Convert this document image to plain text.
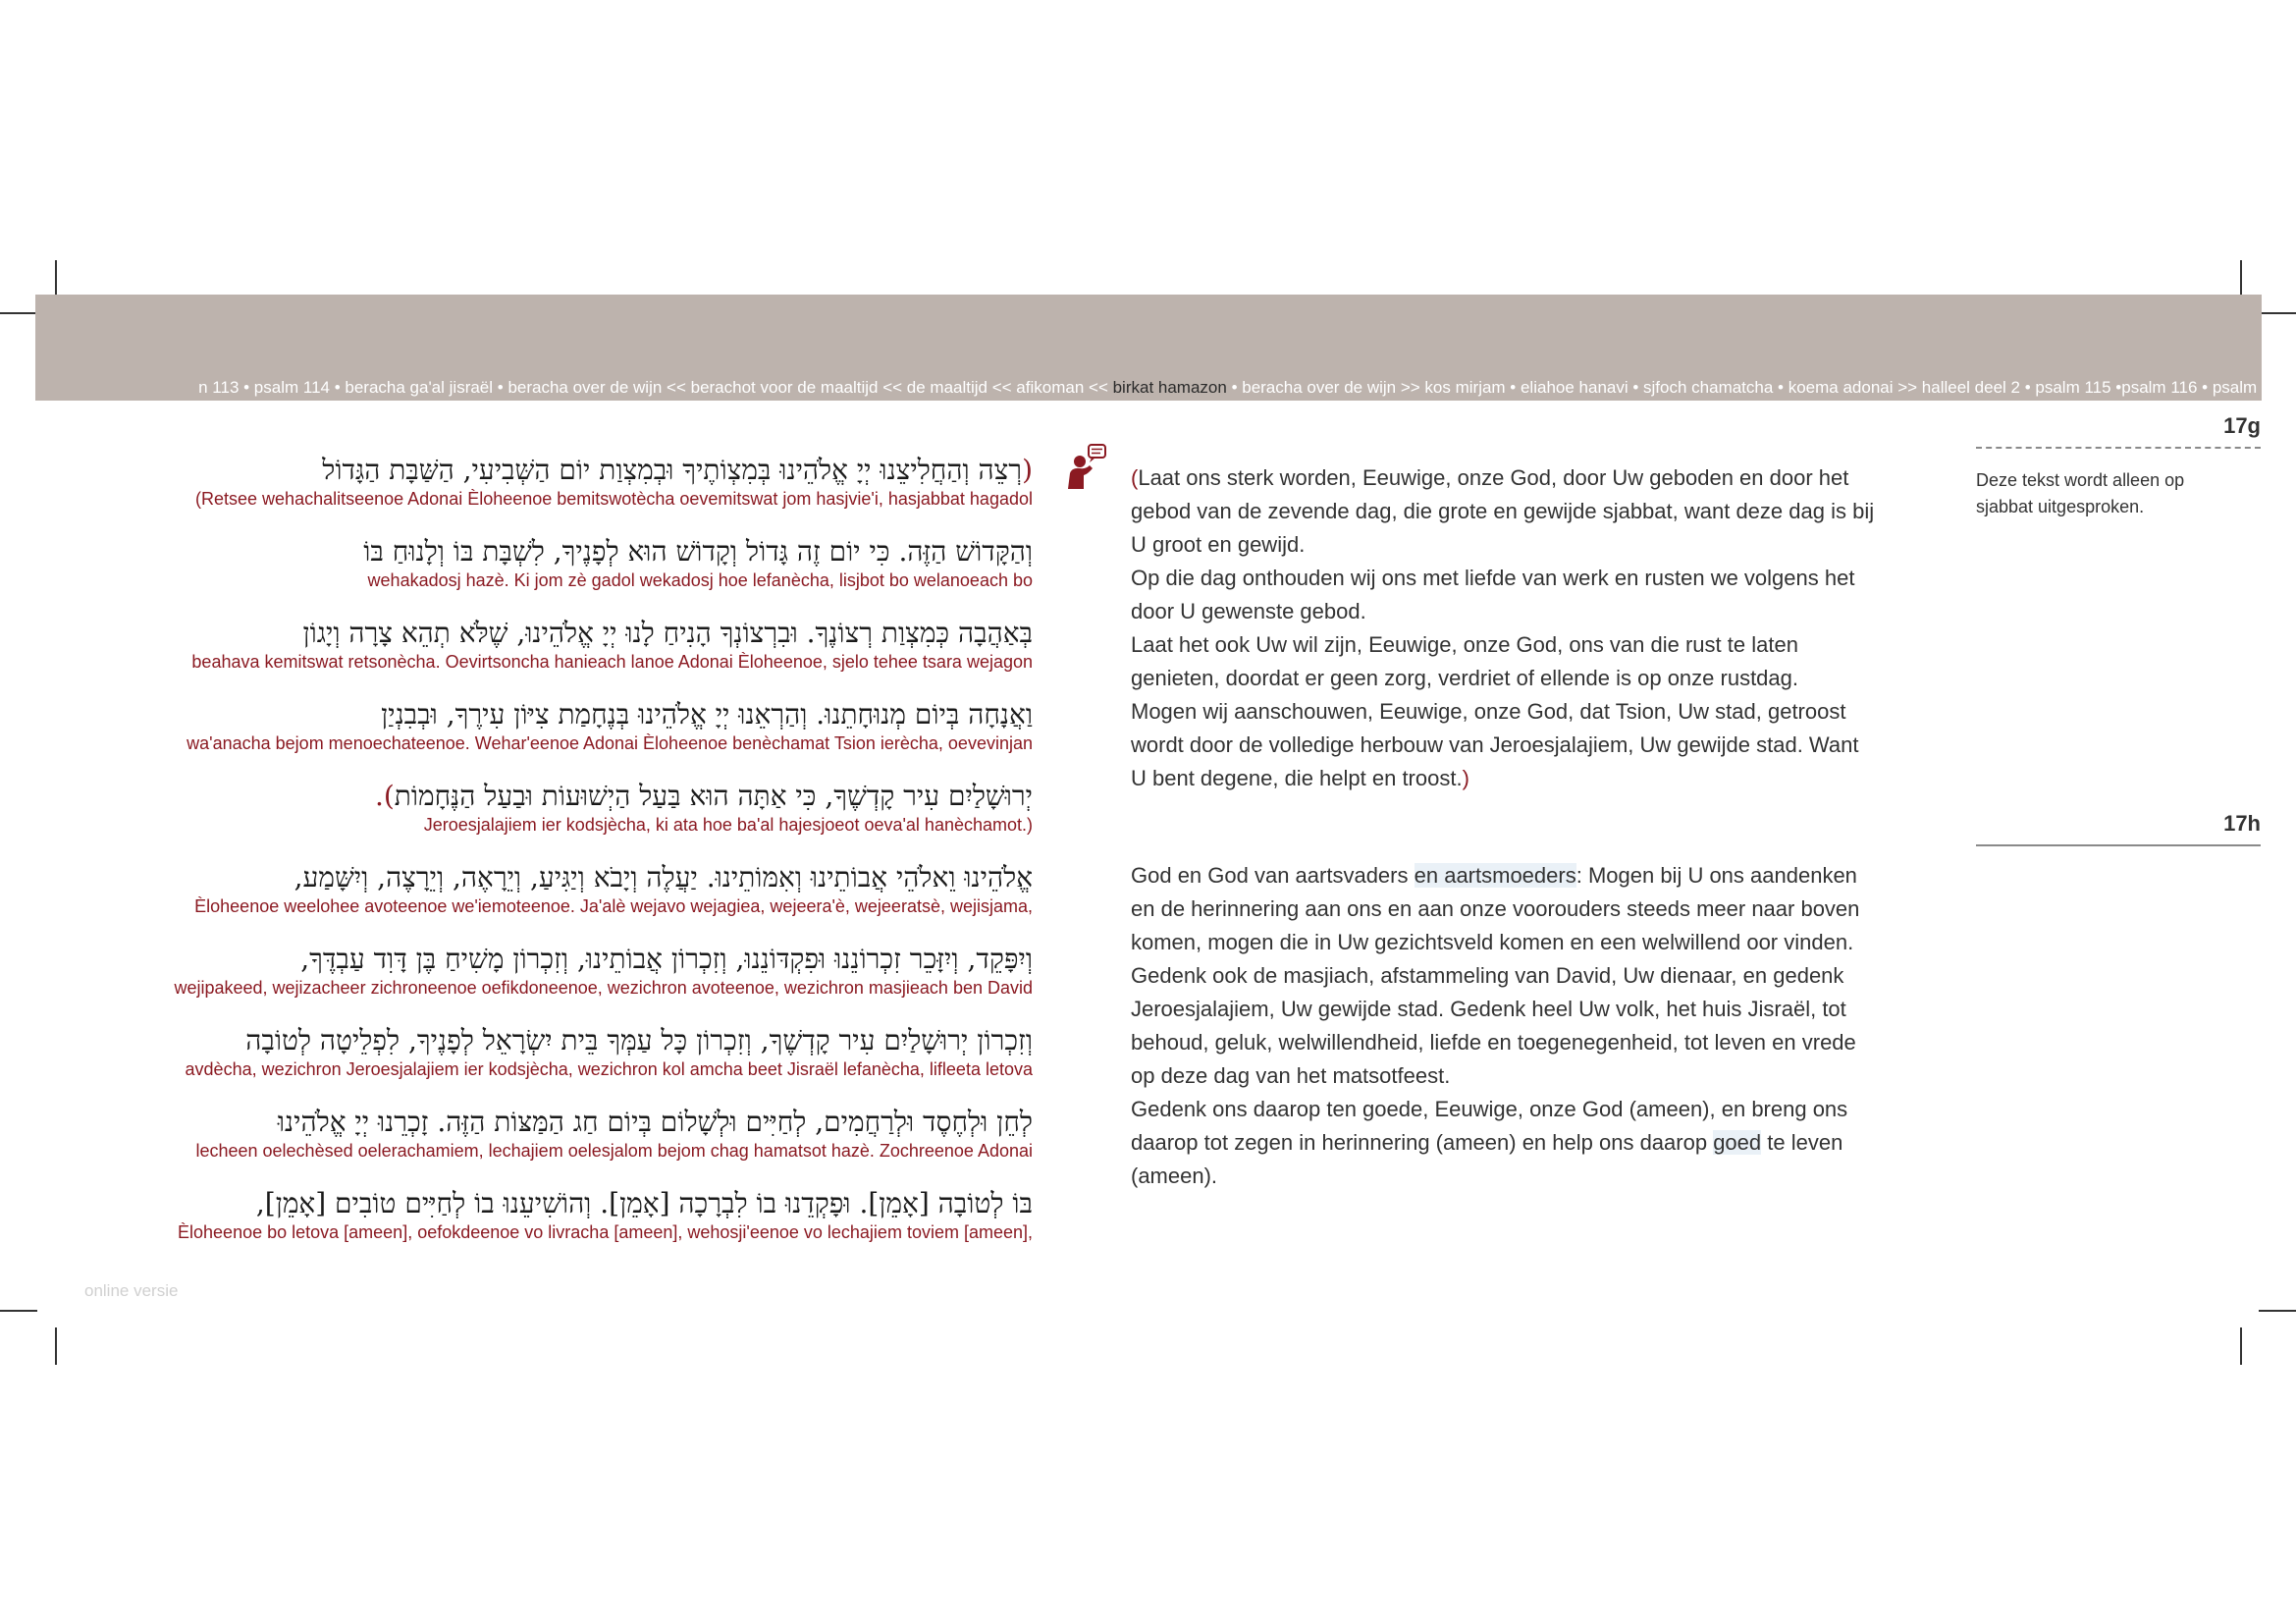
n 113 • psalm 114 • beracha ga'al jisraël • beracha over de wijn << berachot voor de maaltijd << de maaltijd << afikoman << birkat hamazon • beracha over de wijn >> kos mirjam • eliahoe hanavi • sjfoch chamatcha • koema adonai >> halleel deel 2 • psalm 115 •psalm 116 • psalm 117
(רְצֵה וְהַחֲלִיצֵנוּ יְיָ אֱלֹהֵינוּ בְּמִצְוֹתֶיךָ וּבְמִצְוַת יוֹם הַשְּׁבִיעִי, הַשַּׁבָּת הַגָּדוֹל
(Retsee wehachalitseenoe Adonai Èloheenoe bemitswotècha oevemitswat jom hasjvie'i, hasjabbat hagadol
וְהַקָּדוֹשׁ הַזֶּה. כִּי יוֹם זֶה גָּדוֹל וְקָדוֹשׁ הוּא לְפָנֶיךָ, לִשְׁבָּת בּוֹ וְלָנוּחַ בּוֹ
wehakadosj hazè. Ki jom zè gadol wekadosj hoe lefanècha, lisjbot bo welanoeach bo
בְּאַהֲבָה כְּמִצְוַת רְצוֹנֶךָ. וּבִרְצוֹנְךָ הָנִיחַ לָנוּ יְיָ אֱלֹהֵינוּ, שֶׁלֹּא תְהֵא צָרָה וְיָגוֹן
beahava kemitswat retsonècha. Oevirtsoncha hanieach lanoe Adonai Èloheenoe, sjelo tehee tsara wejagon
וַאֲנָחָה בְּיוֹם מְנוּחָתֵנוּ. וְהַרְאֵנוּ יְיָ אֱלֹהֵינוּ בְּנֶחָמַת צִיּוֹן עִירֶךָ, וּבְבִנְיַן
wa'anacha bejom menoechateenoe. Wehar'eenoe Adonai Èloheenoe benèchamat Tsion ierècha, oevevinjan
יְרוּשָׁלַיִם עִיר קָדְשֶׁךָ, כִּי אַתָּה הוּא בַּעַל הַיְשׁוּעוֹת וּבַעַל הַנֶּחָמוֹת).
Jeroesjalajiem ier kodsjècha, ki ata hoe ba'al hajesjoeot oeva'al hanèchamot.)
אֱלֹהֵינוּ וֵאלֹהֵי אֲבוֹתֵינוּ וְאִמּוֹתֵינוּ. יַעֲלֶה וְיָבֹא וְיַגִּיעַ, וְיֵרָאֶה, וְיֵרָצֶה, וְיִשָּׁמַע,
Èloheenoe weelohee avoteenoe we'iemoteenoe. Ja'alè wejavo wejagiea, wejeera'è, wejeeratsè, wejisjama,
וְיִפָּקֵד, וְיִזָּכֵר זִכְרוֹנֵנוּ וּפִקְדּוֹנֵנוּ, וְזִכְרוֹן אֲבוֹתֵינוּ, וְזִכְרוֹן מָשִׁיחַ בֶּן דָּוִד עַבְדֶּךָ,
wejipakeed, wejizacheer zichroneenoe oefikdoneenoe, wezichron avoteenoe, wezichron masjieach ben David
וְזִכְרוֹן יְרוּשָׁלַיִם עִיר קָדְשֶׁךָ, וְזִכְרוֹן כָּל עַמְּךָ בֵּית יִשְׂרָאֵל לְפָנֶיךָ, לִפְלֵיטָה לְטוֹבָה
avdècha, wezichron Jeroesjalajiem ier kodsjècha, wezichron kol amcha beet Jisraël lefanècha, lifleeta letova
לְחֵן וּלְחֶסֶד וּלְרַחֲמִים, לְחַיִּים וּלְשָׁלוֹם בְּיוֹם חַג הַמַּצּוֹת הַזֶּה. זָכְרֵנוּ יְיָ אֱלֹהֵינוּ
lecheen oelechèsed oelerachamiem, lechajiem oelesjalom bejom chag hamatsot hazè. Zochreenoe Adonai
בּוֹ לְטוֹבָה [אָמֵן]. וּפָקְדֵנוּ בוֹ לִבְרָכָה [אָמֵן]. וְהוֹשִׁיעֵנוּ בוֹ לְחַיִּים טוֹבִים [אָמֵן],
Èloheenoe bo letova [ameen], oefokdeenoe vo livracha [ameen], wehosji'eenoe vo lechajiem toviem [ameen],
17g
Deze tekst wordt alleen op sjabbat uitgesproken.

(Laat ons sterk worden, Eeuwige, onze God, door Uw geboden en door het

gebod van de zevende dag, die grote en gewijde sjabbat, want deze dag is bij

U groot en gewijd.

Op die dag onthouden wij ons met liefde van werk en rusten we volgens het

door U gewenste gebod.

Laat het ook Uw wil zijn, Eeuwige, onze God, ons van die rust te laten

genieten, doordat er geen zorg, verdriet of ellende is op onze rustdag.

Mogen wij aanschouwen, Eeuwige, onze God, dat Tsion, Uw stad, getroost

wordt door de volledige herbouw van Jeroesjalajiem, Uw gewijde stad. Want

U bent degene, die helpt en troost.)

17h

God en God van aartsvaders en aartsmoeders: Mogen bij U ons aandenken

en de herinnering aan ons en aan onze voorouders steeds meer naar boven

komen, mogen die in Uw gezichtsveld komen en een welwillend oor vinden.

Gedenk ook de masjiach, afstammeling van David, Uw dienaar, en gedenk

Jeroesjalajiem, Uw gewijde stad. Gedenk heel Uw volk, het huis Jisraël, tot

behoud, geluk, welwillendheid, liefde en toegenegenheid, tot leven en vrede

op deze dag van het matsotfeest.

Gedenk ons daarop ten goede, Eeuwige, onze God (ameen), en breng ons

daarop tot zegen in herinnering (ameen) en help ons daarop goed te leven

(ameen).

online versie
